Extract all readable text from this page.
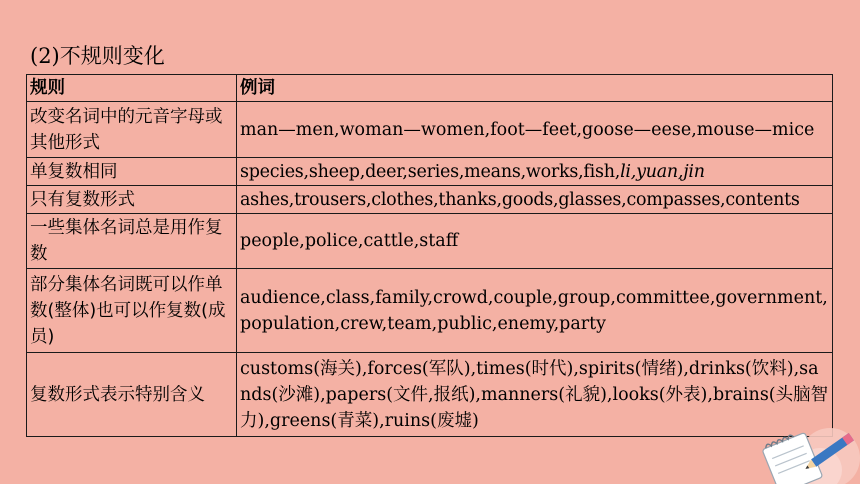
(2)不规则变化
规则	例词
改变名词中的元音字母或其他形式	man—men,woman—women,foot—feet,goose—eese,mouse—mice
单复数相同	species,sheep,deer,series,means,works,fish,li,yuan,jin
只有复数形式	ashes,trousers,clothes,thanks,goods,glasses,compasses,contents
一些集体名词总是用作复数	people,police,cattle,staff
部分集体名词既可以作单数(整体)也可以作复数(成员)	audience,class,family,crowd,couple,group,committee,government,population,crew,team,public,enemy,party
复数形式表示特别含义	customs(海关),forces(军队),times(时代),spirits(情绪),drinks(饮料),sands(沙滩),papers(文件,报纸),manners(礼貌),looks(外表),brains(头脑智力),greens(青菜),ruins(废墟)
